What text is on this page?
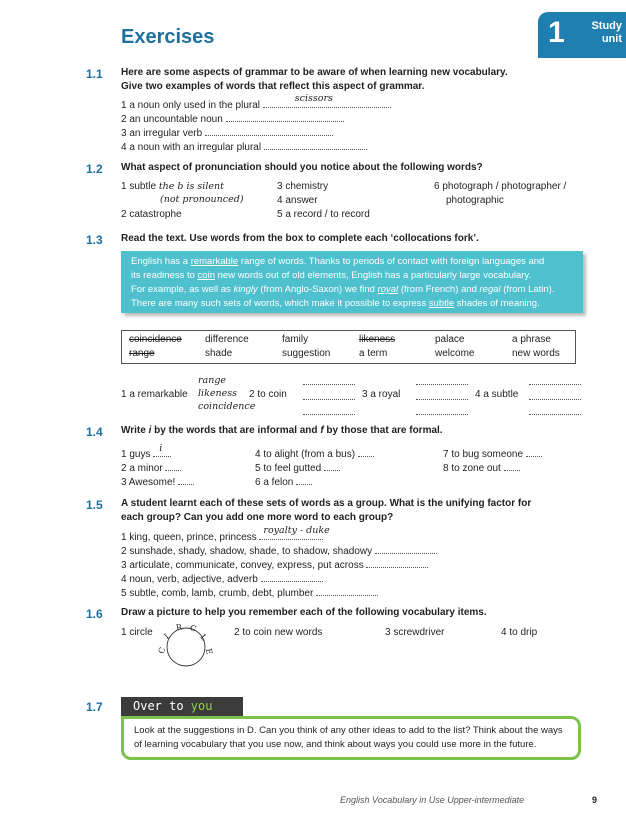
Exercises	1	Study
unit
1.1 Here are some aspects of grammar to be aware of when learning new vocabulary.
Give two examples of words that reflect this aspect of grammar.
1 a noun only used in the plural
scissors
2 an uncountable noun
3 an irregular verb
4 a noun with an irregular plural
1.2 What aspect of pronunciation should you notice about the following words?
1 subtle the b is silent
(not pronounced)
2 catastrophe
3 chemistry
4 answer
5 a record / to record
6 photograph / photographer /
photographic
1.3 Read the text. Use words from the box to complete each ‘collocations fork’.
English has a remarkable range of words. Thanks to periods of contact with foreign languages and
its readiness to coin new words out of old elements, English has a particularly large vocabulary.
For example, as well as kingly (from Anglo-Saxon) we find royal (from French) and regal (from Latin).
There are many such sets of words, which make it possible to express subtle shades of meaning.
coincidence difference	family	likeness	palace	a phrase
range	shade	suggestion	a term	welcome	new words
1 a remarkable
range
likeness
coincidence
2 to coin	3 a royal	4 a subtle
1.4 Write i by the words that are informal and f by those that are formal.
1 guys
i
2 a minor
3 Awesome!
4 to alight (from a bus)
5 to feel gutted
6 a felon
7 to bug someone
8 to zone out
1.5 A student learnt each of these sets of words as a group. What is the unifying factor for
each group? Can you add one more word to each group?
1 king, queen, prince, princess
royalty - duke
2 sunshade, shady, shadow, shade, to shadow, shadowy
3 articulate, communicate, convey, express, put across
4 noun, verb, adjective, adverb
5 subtle, comb, lamb, crumb, debt, plumber
1.6 Draw a picture to help you remember each of the following vocabulary items.
1 circle
C
I
R C
L
E
2 to coin new words	3 screwdriver	4 to drip
1.7	Over to you
Look at the suggestions in D. Can you think of any other ideas to add to the list? Think about the ways
of learning vocabulary that you use now, and think about ways you could use more in the future.
English Vocabulary in Use Upper-intermediate	9
